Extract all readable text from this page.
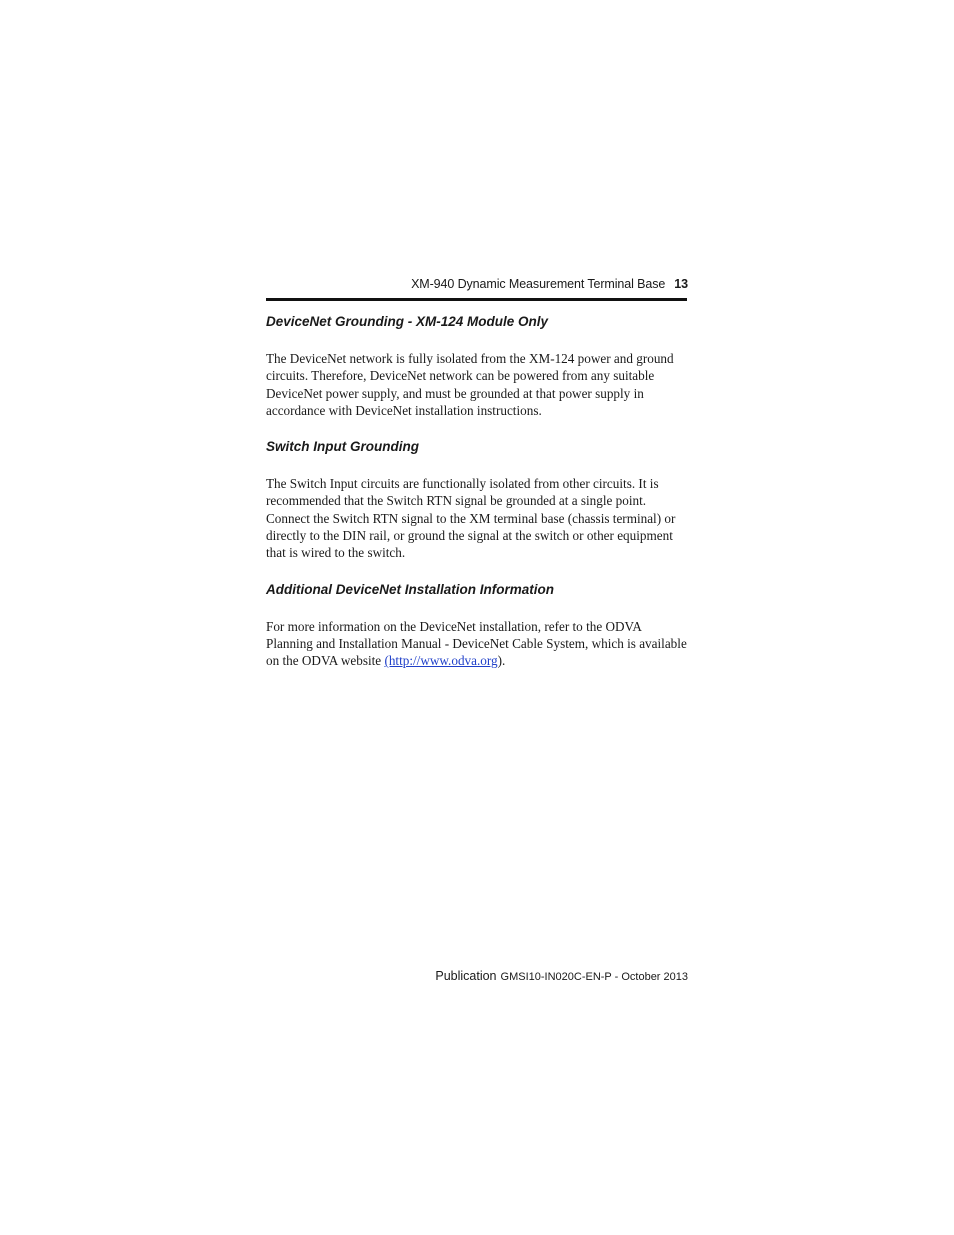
XM-940 Dynamic Measurement Terminal Base 13
DeviceNet Grounding - XM-124 Module Only

The DeviceNet network is fully isolated from the XM-124 power and ground circuits. Therefore, DeviceNet network can be powered from any suitable DeviceNet power supply, and must be grounded at that power supply in accordance with DeviceNet installation instructions.

Switch Input Grounding

The Switch Input circuits are functionally isolated from other circuits. It is recommended that the Switch RTN signal be grounded at a single point. Connect the Switch RTN signal to the XM terminal base (chassis terminal) or directly to the DIN rail, or ground the signal at the switch or other equipment that is wired to the switch.

Additional DeviceNet Installation Information

For more information on the DeviceNet installation, refer to the ODVA Planning and Installation Manual - DeviceNet Cable System, which is available on the ODVA website (http://www.odva.org).

Publication GMSI10-IN020C-EN-P - October 2013
